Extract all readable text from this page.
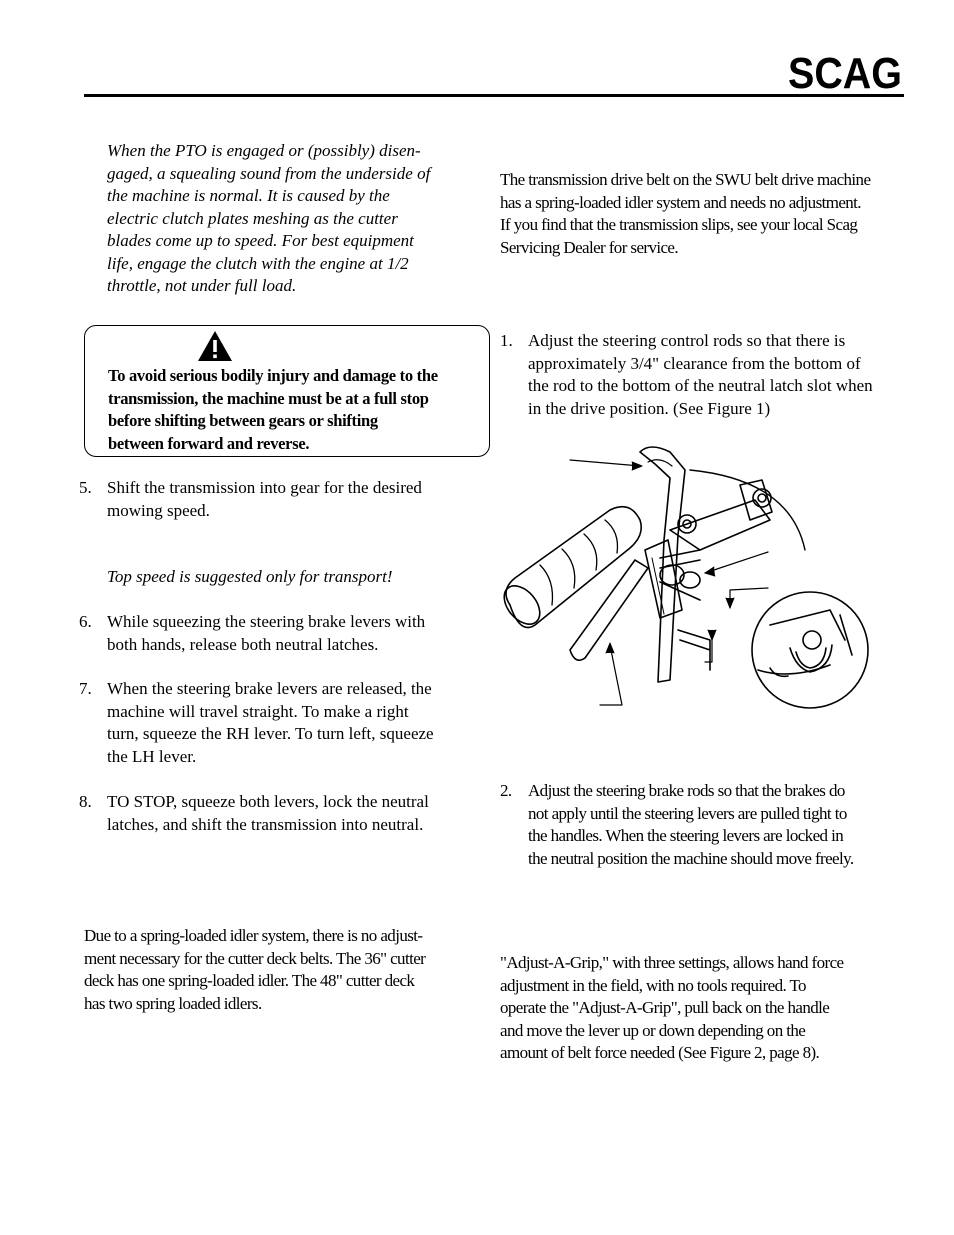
SCAG
When the PTO is engaged or (possibly) disen-
gaged, a squealing sound from the underside of
the machine is normal. It is caused by the
electric clutch plates meshing as the cutter
blades come up to speed. For best equipment
life, engage the clutch with the engine at 1/2
throttle, not under full load.
To avoid serious bodily injury and damage to the
transmission, the machine must be at a full stop
before shifting between gears or shifting
between forward and reverse.
5. Shift the transmission into gear for the desired
mowing speed.
Top speed is suggested only for transport!
6. While squeezing the steering brake levers with
both hands, release both neutral latches.
7. When the steering brake levers are released, the
machine will travel straight. To make a right
turn, squeeze the RH lever. To turn left, squeeze
the LH lever.
8. TO STOP, squeeze both levers, lock the neutral
latches, and shift the transmission into neutral.
Due to a spring-loaded idler system, there is no adjust-
ment necessary for the cutter deck belts. The 36" cutter
deck has one spring-loaded idler. The 48" cutter deck
has two spring loaded idlers.
The transmission drive belt on the SWU belt drive machine
has a spring-loaded idler system and needs no adjustment.
If you find that the transmission slips, see your local Scag
Servicing Dealer for service.
1. Adjust the steering control rods so that there is
approximately 3/4" clearance from the bottom of
the rod to the bottom of the neutral latch slot when
in the drive position. (See Figure 1)
2. Adjust the steering brake rods so that the brakes do
not apply until the steering levers are pulled tight to
the handles. When the steering levers are locked in
the neutral position the machine should move freely.
"Adjust-A-Grip," with three settings, allows hand force
adjustment in the field, with no tools required. To
operate the "Adjust-A-Grip", pull back on the handle
and move the lever up or down depending on the
amount of belt force needed (See Figure 2, page 8).
